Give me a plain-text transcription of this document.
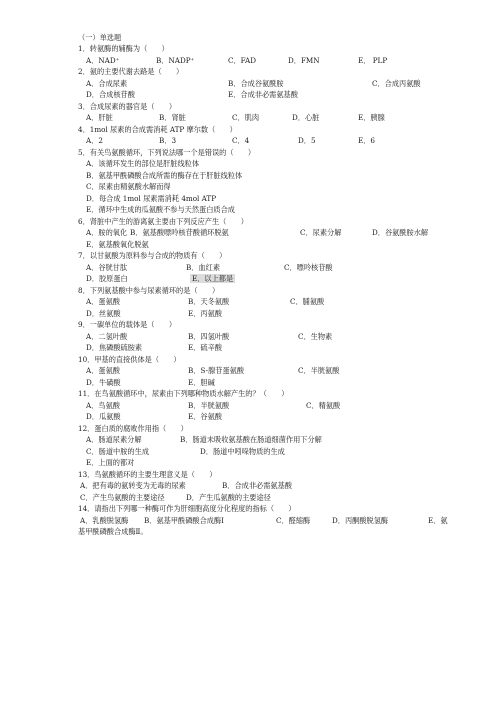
（一）单选题
1．转氨酶的辅酶为（　　）
A．NAD⁺	B．NADP⁺	C．FAD	D．FMN	E． PLP
2．氨的主要代谢去路是（　　）
A．合成尿素	B．合成谷氨酰胺	C．合成丙氨酸
D．合成核苷酸	E．合成非必需氨基酸
3．合成尿素的器官是（　　）
A．肝脏	B．肾脏	C．肌肉	D．心脏	E．胰腺
4．1mol 尿素的合成需消耗 ATP 摩尔数（　　）
A．2	B．3	C．4	D．5	E．6
5．有关鸟氨酸循环，下列说法哪一个是错误的（　　）
A．该循环发生的部位是肝脏线粒体
B．氨基甲酰磷酸合成所需的酶存在于肝脏线粒体
C．尿素由精氨酸水解而得
D．每合成 1mol 尿素需消耗 4mol ATP
E．循环中生成的瓜氨酸不参与天然蛋白质合成
6．肾脏中产生的游离氨主要由下列反应产生（　　）
A．胺的氧化 B．氨基酸嘌呤核苷酸循环脱氨	C．尿素分解	D．谷氨酰胺水解
E．氨基酸氧化脱氨
7．以甘氨酸为原料参与合成的物质有（　　）
A．谷胱甘肽	B．血红素	C．嘌呤核苷酸
D．胶原蛋白	E．以上都是
8．下列氨基酸中参与尿素循环的是（　　）
A．蛋氨酸	B．天冬氨酸	C．脯氨酸
D．丝氨酸	E．丙氨酸
9．一碳单位的载体是（　　）
A．二氢叶酸	B．四氢叶酸	C．生物素
D．焦磷酸硫胺素	E．硫辛酸
10．甲基的直接供体是（　　）
A．蛋氨酸	B．S-腺苷蛋氨酸	C．半胱氨酸
D．牛磺酸	E．胆碱
11．在鸟氨酸循环中，尿素由下列哪种物质水解产生的？（　　）
A．鸟氨酸	B．半胱氨酸	C．精氨酸
D．瓜氨酸	E．谷氨酸
12．蛋白质的腐败作用指（　　）
A．肠道尿素分解	B．肠道未吸收氨基酸在肠道细菌作用下分解
C．肠道中胺的生成	D．肠道中吲哚物质的生成
E．上面的都对
13．鸟氨酸循环的主要生理意义是（　　）
A．把有毒的氨转变为无毒的尿素	B．合成非必需氨基酸
C．产生鸟氨酸的主要途径	D．产生瓜氨酸的主要途径
14．请指出下列哪一种酶可作为肝细胞高度分化程度的指标（　　）
A．乳酸脱氢酶 B．氨基甲酰磷酸合成酶Ⅰ	C．醛缩酶	D．丙酮酸脱氢酶	E．氨
基甲酰磷酸合成酶Ⅱ。
